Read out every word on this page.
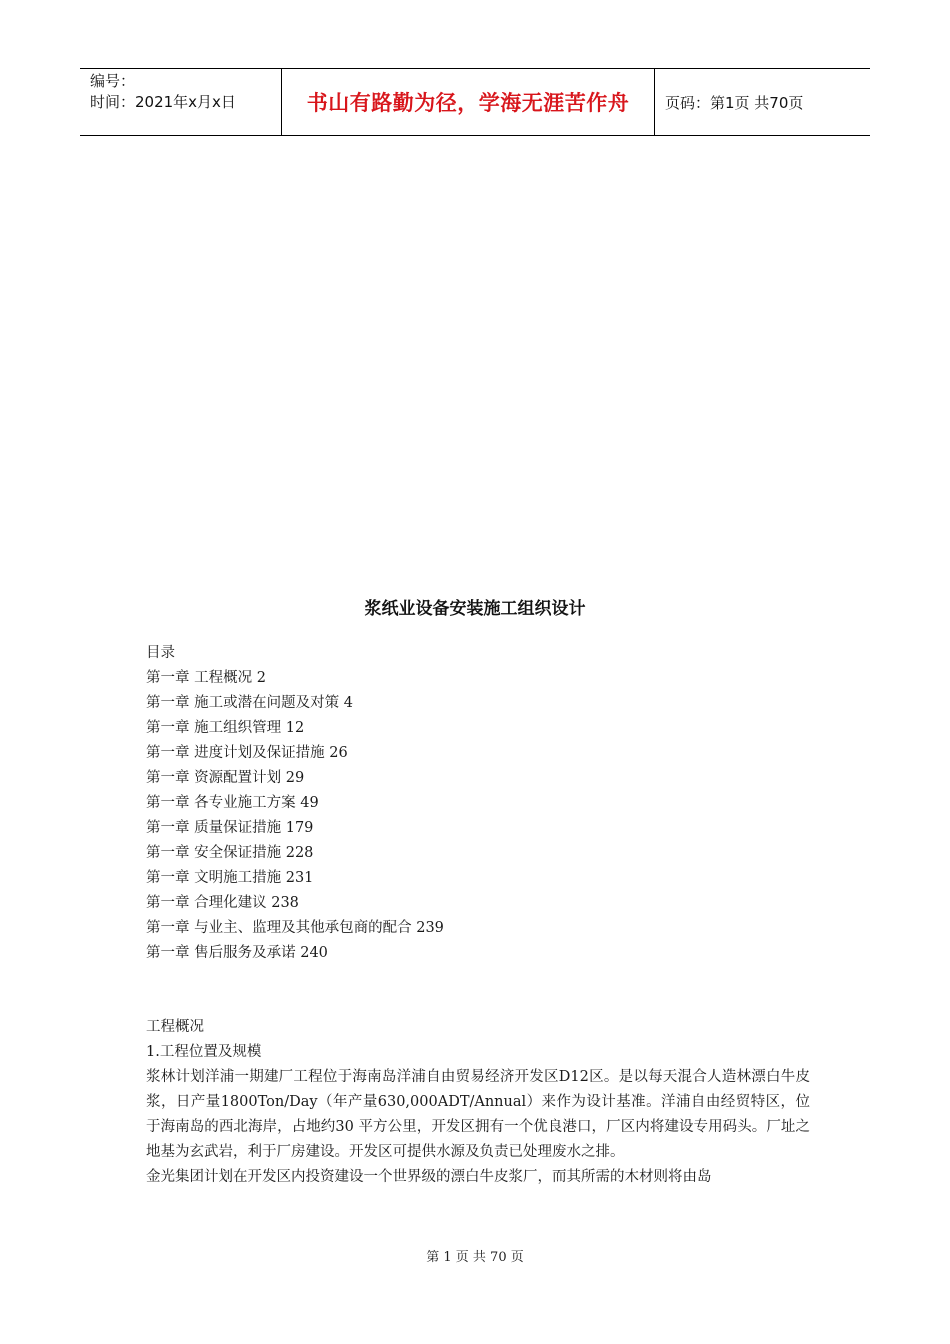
编号：
时间：2021年x月x日	书山有路勤为径，学海无涯苦作舟 页码：第1页 共70页
浆纸业设备安装施工组织设计
目录
第一章 工程概况 2
第一章 施工或潜在问题及对策 4
第一章 施工组织管理 12
第一章 进度计划及保证措施 26
第一章 资源配置计划 29
第一章 各专业施工方案 49
第一章 质量保证措施 179
第一章 安全保证措施 228
第一章 文明施工措施 231
第一章 合理化建议 238
第一章 与业主、监理及其他承包商的配合 239
第一章 售后服务及承诺 240

工程概况

1.工程位置及规模

浆林计划洋浦一期建厂工程位于海南岛洋浦自由贸易经济开发区D12区。是以每天混合人造林漂白牛皮浆，日产量1800Ton/Day（年产量630,000ADT/Annual）来作为设计基准。洋浦自由经贸特区，位于海南岛的西北海岸，占地约30 平方公里，开发区拥有一个优良港口，厂区内将建设专用码头。厂址之地基为玄武岩，利于厂房建设。开发区可提供水源及负责已处理废水之排。

金光集团计划在开发区内投资建设一个世界级的漂白牛皮浆厂，而其所需的木材则将由岛

第 1 页 共 70 页
